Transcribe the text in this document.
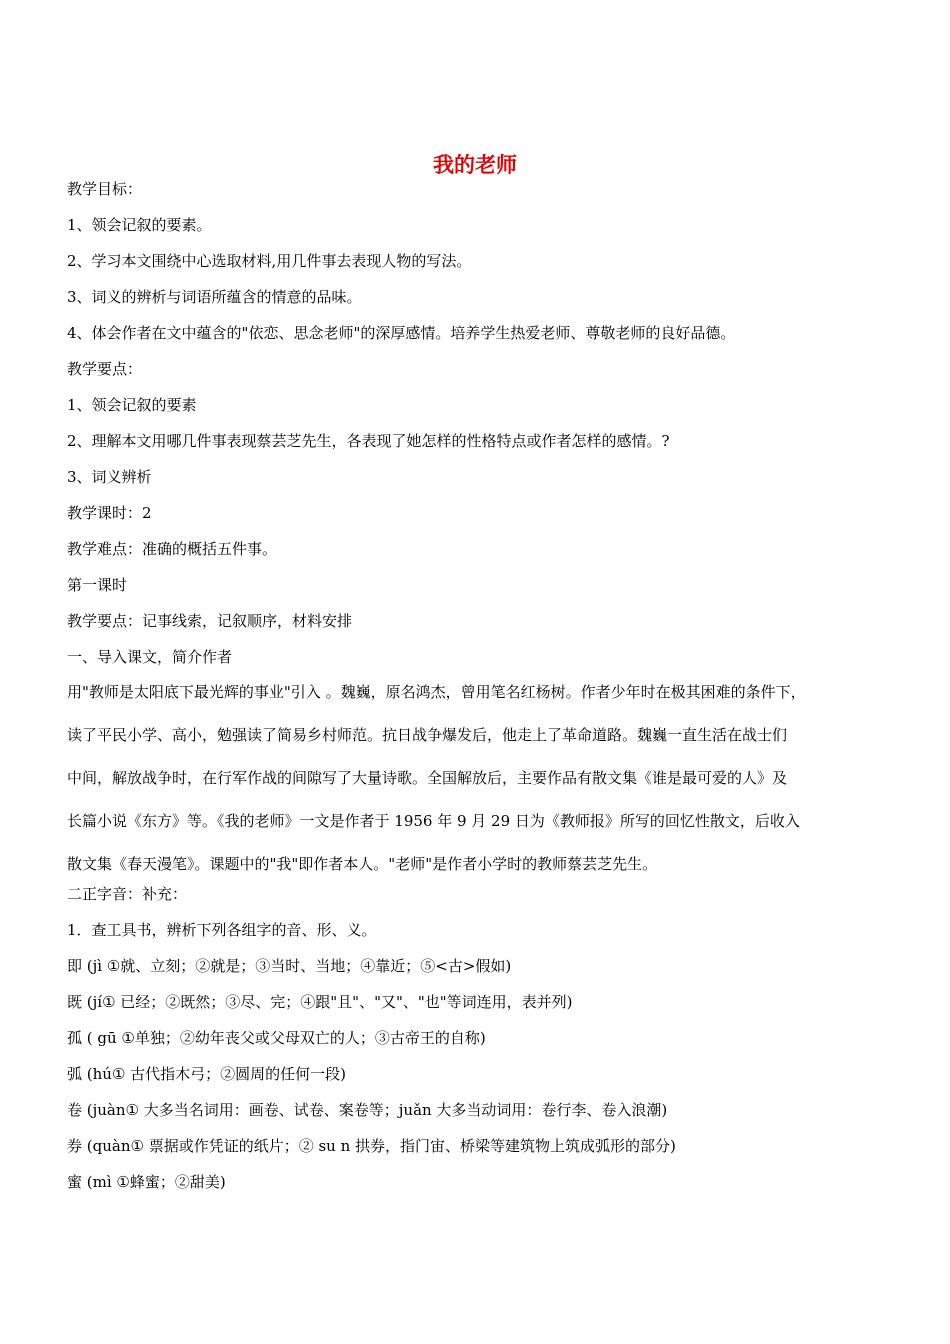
我的老师
教学目标：
1、领会记叙的要素。
2、学习本文围绕中心选取材料,用几件事去表现人物的写法。
3、词义的辨析与词语所蕴含的情意的品味。
4、体会作者在文中蕴含的"依恋、思念老师"的深厚感情。培养学生热爱老师、尊敬老师的良好品德。
教学要点：
1、领会记叙的要素
2、理解本文用哪几件事表现蔡芸芝先生，各表现了她怎样的性格特点或作者怎样的感情。?
3、词义辨析
教学课时：2
教学难点：准确的概括五件事。
第一课时
教学要点：记事线索，记叙顺序，材料安排
一、导入课文，简介作者
用"教师是太阳底下最光辉的事业"引入 。魏巍，原名鸿杰，曾用笔名红杨树。作者少年时在极其困难的条件下，
读了平民小学、高小，勉强读了简易乡村师范。抗日战争爆发后，他走上了革命道路。魏巍一直生活在战士们
中间，解放战争时，在行军作战的间隙写了大量诗歌。全国解放后，主要作品有散文集《谁是最可爱的人》及
长篇小说《东方》等。《我的老师》一文是作者于 1956 年 9 月 29 日为《教师报》所写的回忆性散文，后收入
散文集《春天漫笔》。课题中的"我"即作者本人。"老师"是作者小学时的教师蔡芸芝先生。
二正字音：补充：
1．查工具书，辨析下列各组字的音、形、义。
即 (jì ①就、立刻；②就是；③当时、当地；④靠近；⑤<古>假如)
既 (jí① 已经；②既然；③尽、完；④跟"且"、"又"、"也"等词连用，表并列)
孤 ( gū ①单独；②幼年丧父或父母双亡的人；③古帝王的自称)
弧 (hú① 古代指木弓；②圆周的任何一段)
卷 (juàn① 大多当名词用：画卷、试卷、案卷等；juǎn 大多当动词用：卷行李、卷入浪潮)
券 (quàn① 票据或作凭证的纸片；② su n 拱券，指门宙、桥梁等建筑物上筑成弧形的部分)
蜜 (mì ①蜂蜜；②甜美)
